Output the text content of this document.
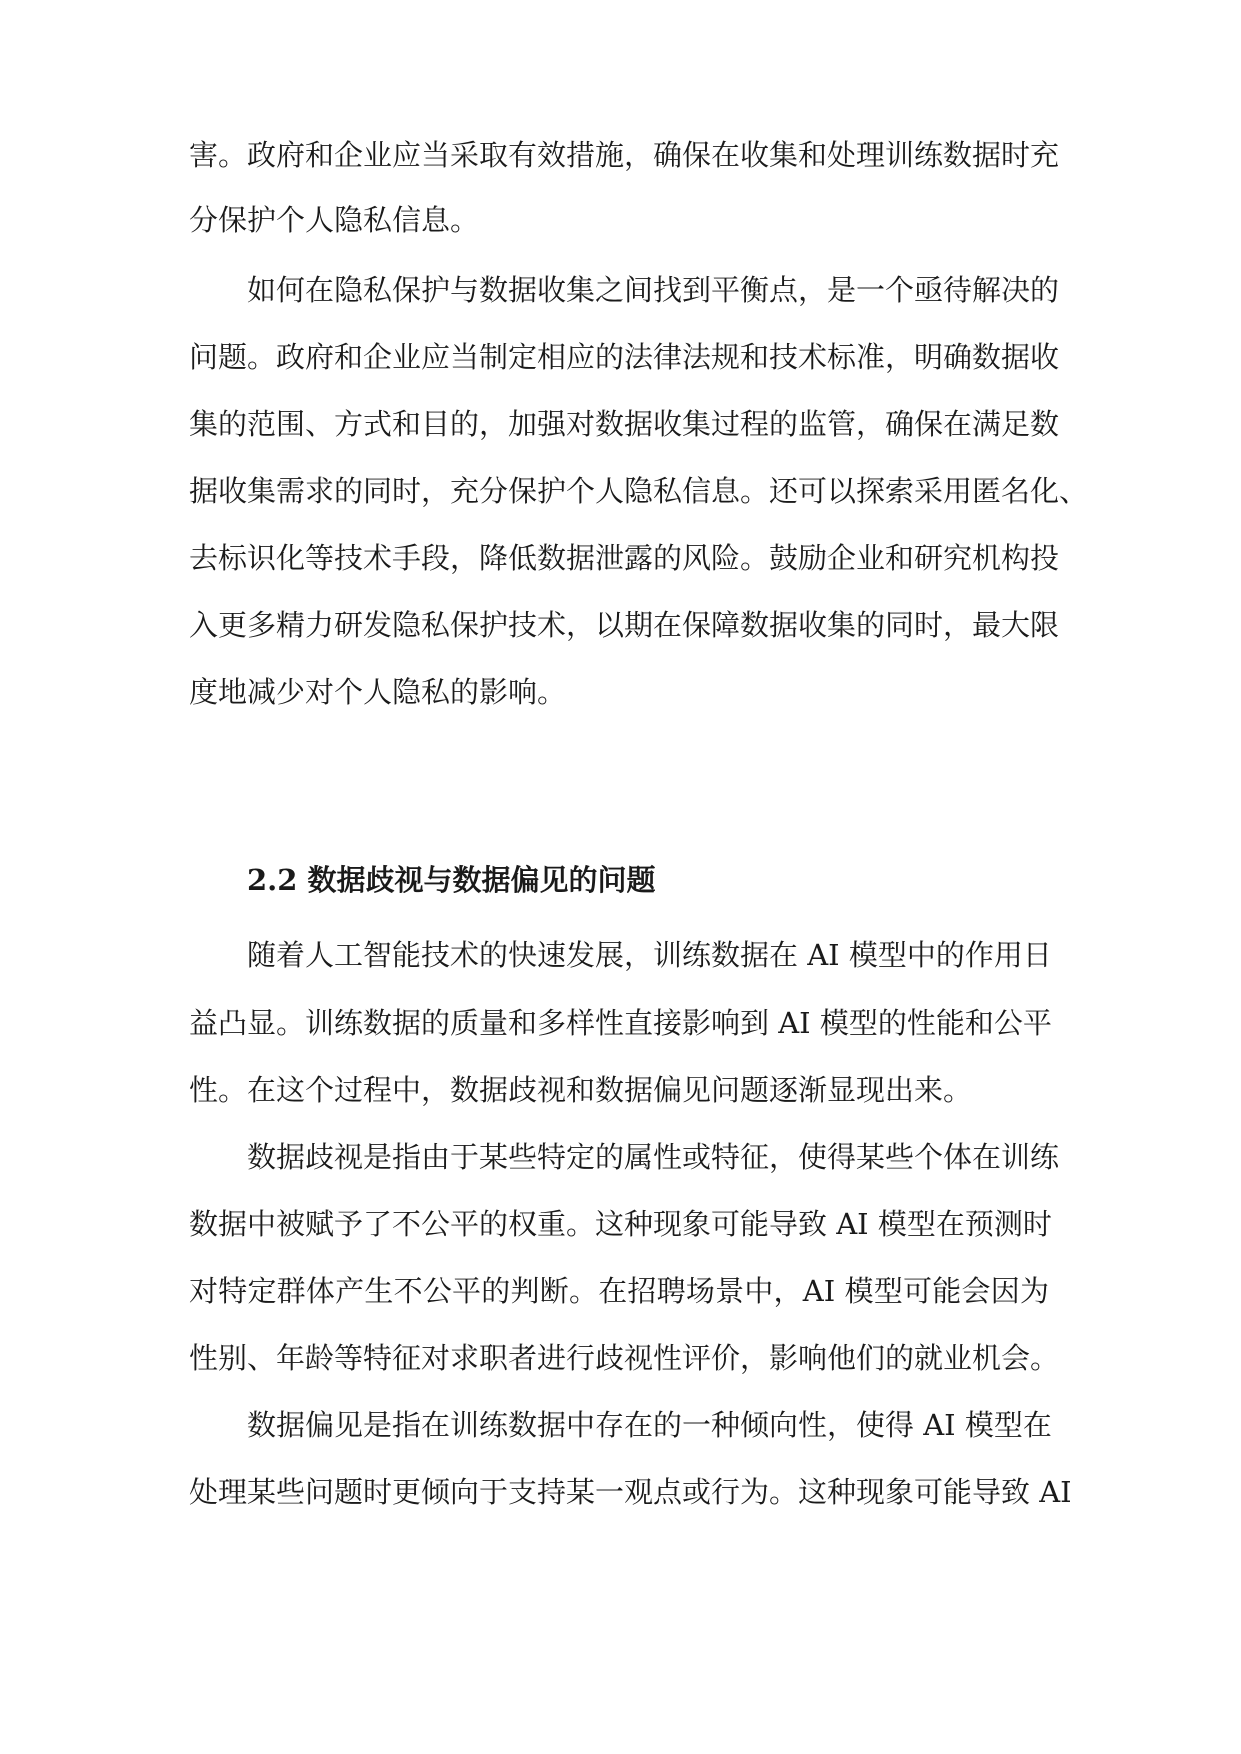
害。政府和企业应当采取有效措施，确保在收集和处理训练数据时充
分保护个人隐私信息。
如何在隐私保护与数据收集之间找到平衡点，是一个亟待解决的
问题。政府和企业应当制定相应的法律法规和技术标准，明确数据收
集的范围、方式和目的，加强对数据收集过程的监管，确保在满足数
据收集需求的同时，充分保护个人隐私信息。还可以探索采用匿名化、
去标识化等技术手段，降低数据泄露的风险。鼓励企业和研究机构投
入更多精力研发隐私保护技术，以期在保障数据收集的同时，最大限
度地减少对个人隐私的影响。
2.2 数据歧视与数据偏见的问题
随着人工智能技术的快速发展，训练数据在 AI 模型中的作用日
益凸显。训练数据的质量和多样性直接影响到 AI 模型的性能和公平
性。在这个过程中，数据歧视和数据偏见问题逐渐显现出来。
数据歧视是指由于某些特定的属性或特征，使得某些个体在训练
数据中被赋予了不公平的权重。这种现象可能导致 AI 模型在预测时
对特定群体产生不公平的判断。在招聘场景中，AI 模型可能会因为
性别、年龄等特征对求职者进行歧视性评价，影响他们的就业机会。
数据偏见是指在训练数据中存在的一种倾向性，使得 AI 模型在
处理某些问题时更倾向于支持某一观点或行为。这种现象可能导致 AI
